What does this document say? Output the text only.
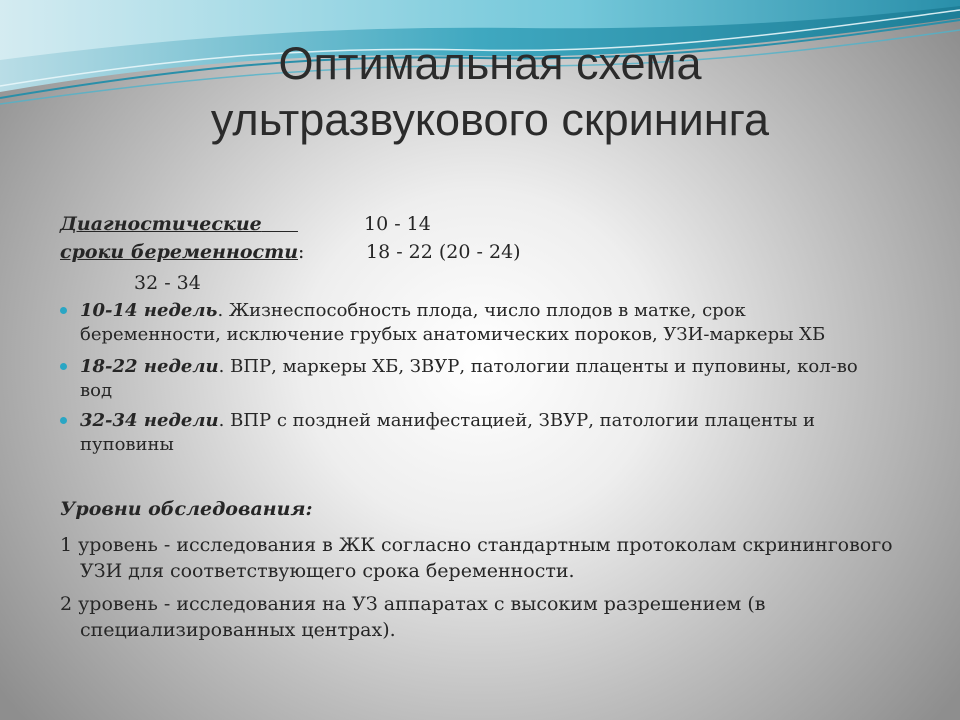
Оптимальная схема
ультразвукового скрининга
Диагностические	10 - 14
сроки беременности:	18 - 22 (20 - 24)
32 - 34
10-14 недель. Жизнеспособность плода, число плодов в матке, срок беременности, исключение грубых анатомических пороков, УЗИ-маркеры ХБ
18-22 недели. ВПР, маркеры ХБ, ЗВУР, патологии плаценты и пуповины, кол-во вод
32-34 недели. ВПР с поздней манифестацией, ЗВУР, патологии плаценты и пуповины
Уровни обследования:
1 уровень - исследования в ЖК согласно стандартным протоколам скринингового УЗИ для соответствующего срока беременности.
2 уровень - исследования на УЗ аппаратах с высоким разрешением (в специализированных центрах).
